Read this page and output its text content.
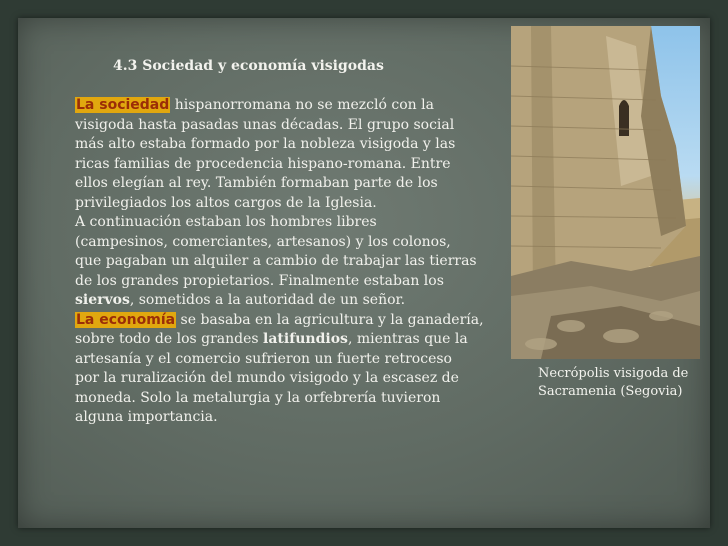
4.3 Sociedad y economía visigodas
La sociedad hispanorromana no se mezcló con la
visigoda hasta pasadas unas décadas. El grupo social
más alto estaba formado por la nobleza visigoda y las
ricas familias de procedencia hispano-romana. Entre
ellos elegían al rey. También formaban parte de los
privilegiados los altos cargos de la Iglesia.
A continuación estaban los hombres libres
(campesinos, comerciantes, artesanos) y los colonos,
que pagaban un alquiler a cambio de trabajar las tierras
de los grandes propietarios. Finalmente estaban los
siervos, sometidos a la autoridad de un señor.
La economía se basaba en la agricultura y la ganadería,
sobre todo de los grandes latifundios, mientras que la
artesanía y el comercio sufrieron un fuerte retroceso
por la ruralización del mundo visigodo y la escasez de
moneda. Solo la metalurgia y la orfebrería tuvieron
alguna importancia.
Necrópolis visigoda de
Sacramenia (Segovia)
